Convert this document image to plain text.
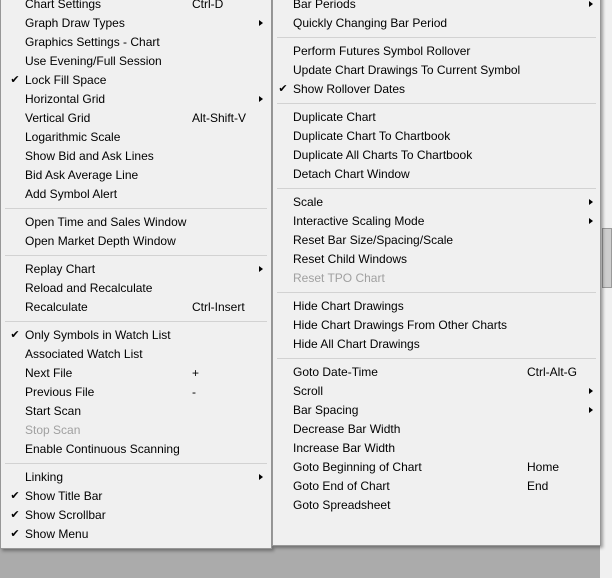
Chart Settings	Ctrl-D
Graph Draw Types
Graphics Settings - Chart
Use Evening/Full Session
✔ Lock Fill Space
Horizontal Grid
Vertical Grid	Alt-Shift-V
Logarithmic Scale
Show Bid and Ask Lines
Bid Ask Average Line
Add Symbol Alert
Open Time and Sales Window
Open Market Depth Window
Replay Chart
Reload and Recalculate
Recalculate	Ctrl-Insert
✔ Only Symbols in Watch List
Associated Watch List
Next File	+
Previous File	-
Start Scan
Stop Scan
Enable Continuous Scanning
Linking
✔ Show Title Bar
✔ Show Scrollbar
✔ Show Menu
Bar Periods
Quickly Changing Bar Period
Perform Futures Symbol Rollover
Update Chart Drawings To Current Symbol
✔ Show Rollover Dates
Duplicate Chart
Duplicate Chart To Chartbook
Duplicate All Charts To Chartbook
Detach Chart Window
Scale
Interactive Scaling Mode
Reset Bar Size/Spacing/Scale
Reset Child Windows
Reset TPO Chart
Hide Chart Drawings
Hide Chart Drawings From Other Charts
Hide All Chart Drawings
Goto Date-Time	Ctrl-Alt-G
Scroll
Bar Spacing
Decrease Bar Width
Increase Bar Width
Goto Beginning of Chart	Home
Goto End of Chart	End
Goto Spreadsheet
